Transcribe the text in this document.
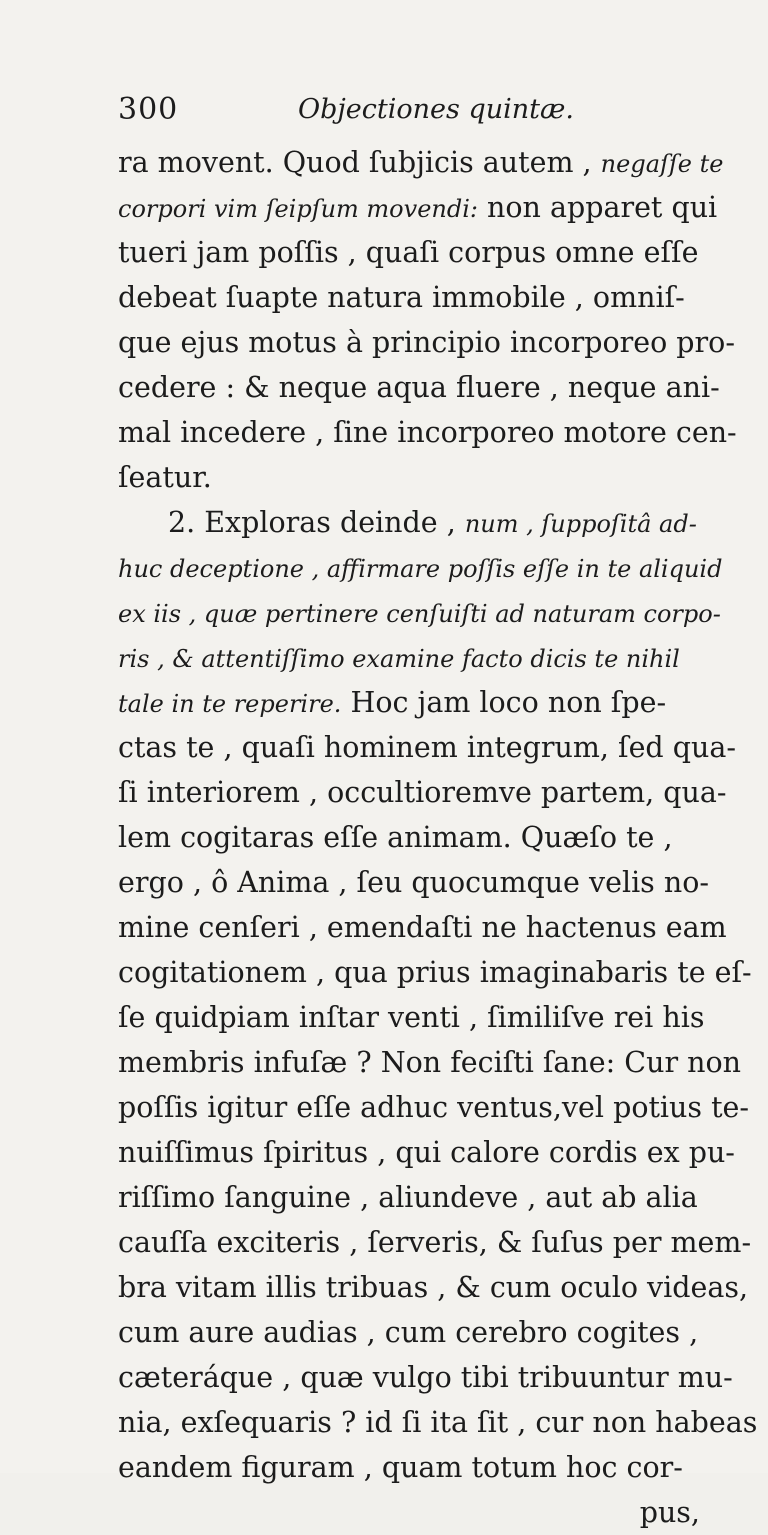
300	Objectiones quintæ.
ra movent. Quod ſubjicis autem , negaſſe te
corpori vim ſeipſum movendi: non apparet qui
tueri jam poſſis , quaſi corpus omne eſſe
debeat ſuapte natura immobile , omniſ-
que ejus motus à principio incorporeo pro-
cedere : & neque aqua fluere , neque ani-
mal incedere , ſine incorporeo motore cen-
ſeatur.
2. Exploras deinde , num , ſuppoſitâ ad-
huc deceptione , affirmare poſſis eſſe in te aliquid
ex iis , quæ pertinere cenſuiſti ad naturam corpo-
ris , & attentiſſimo examine facto dicis te nihil
tale in te reperire. Hoc jam loco non ſpe-
ctas te , quaſi hominem integrum, ſed qua-
ſi interiorem , occultioremve partem, qua-
lem cogitaras eſſe animam. Quæſo te ,
ergo , ô Anima , ſeu quocumque velis no-
mine cenſeri , emendaſti ne hactenus eam
cogitationem , qua prius imaginabaris te eſ-
ſe quidpiam inſtar venti , ſimiliſve rei his
membris infuſæ ? Non feciſti ſane: Cur non
poſſis igitur eſſe adhuc ventus,vel potius te-
nuiſſimus ſpiritus , qui calore cordis ex pu-
riſſimo ſanguine , aliundeve , aut ab alia
cauſſa exciteris , ſerveris, & ſuſus per mem-
bra vitam illis tribuas , & cum oculo videas,
cum aure audias , cum cerebro cogites ,
cæteráque , quæ vulgo tibi tribuuntur mu-
nia, exſequaris ? id ſi ita ſit , cur non habeas
eandem figuram , quam totum hoc cor-
pus,
